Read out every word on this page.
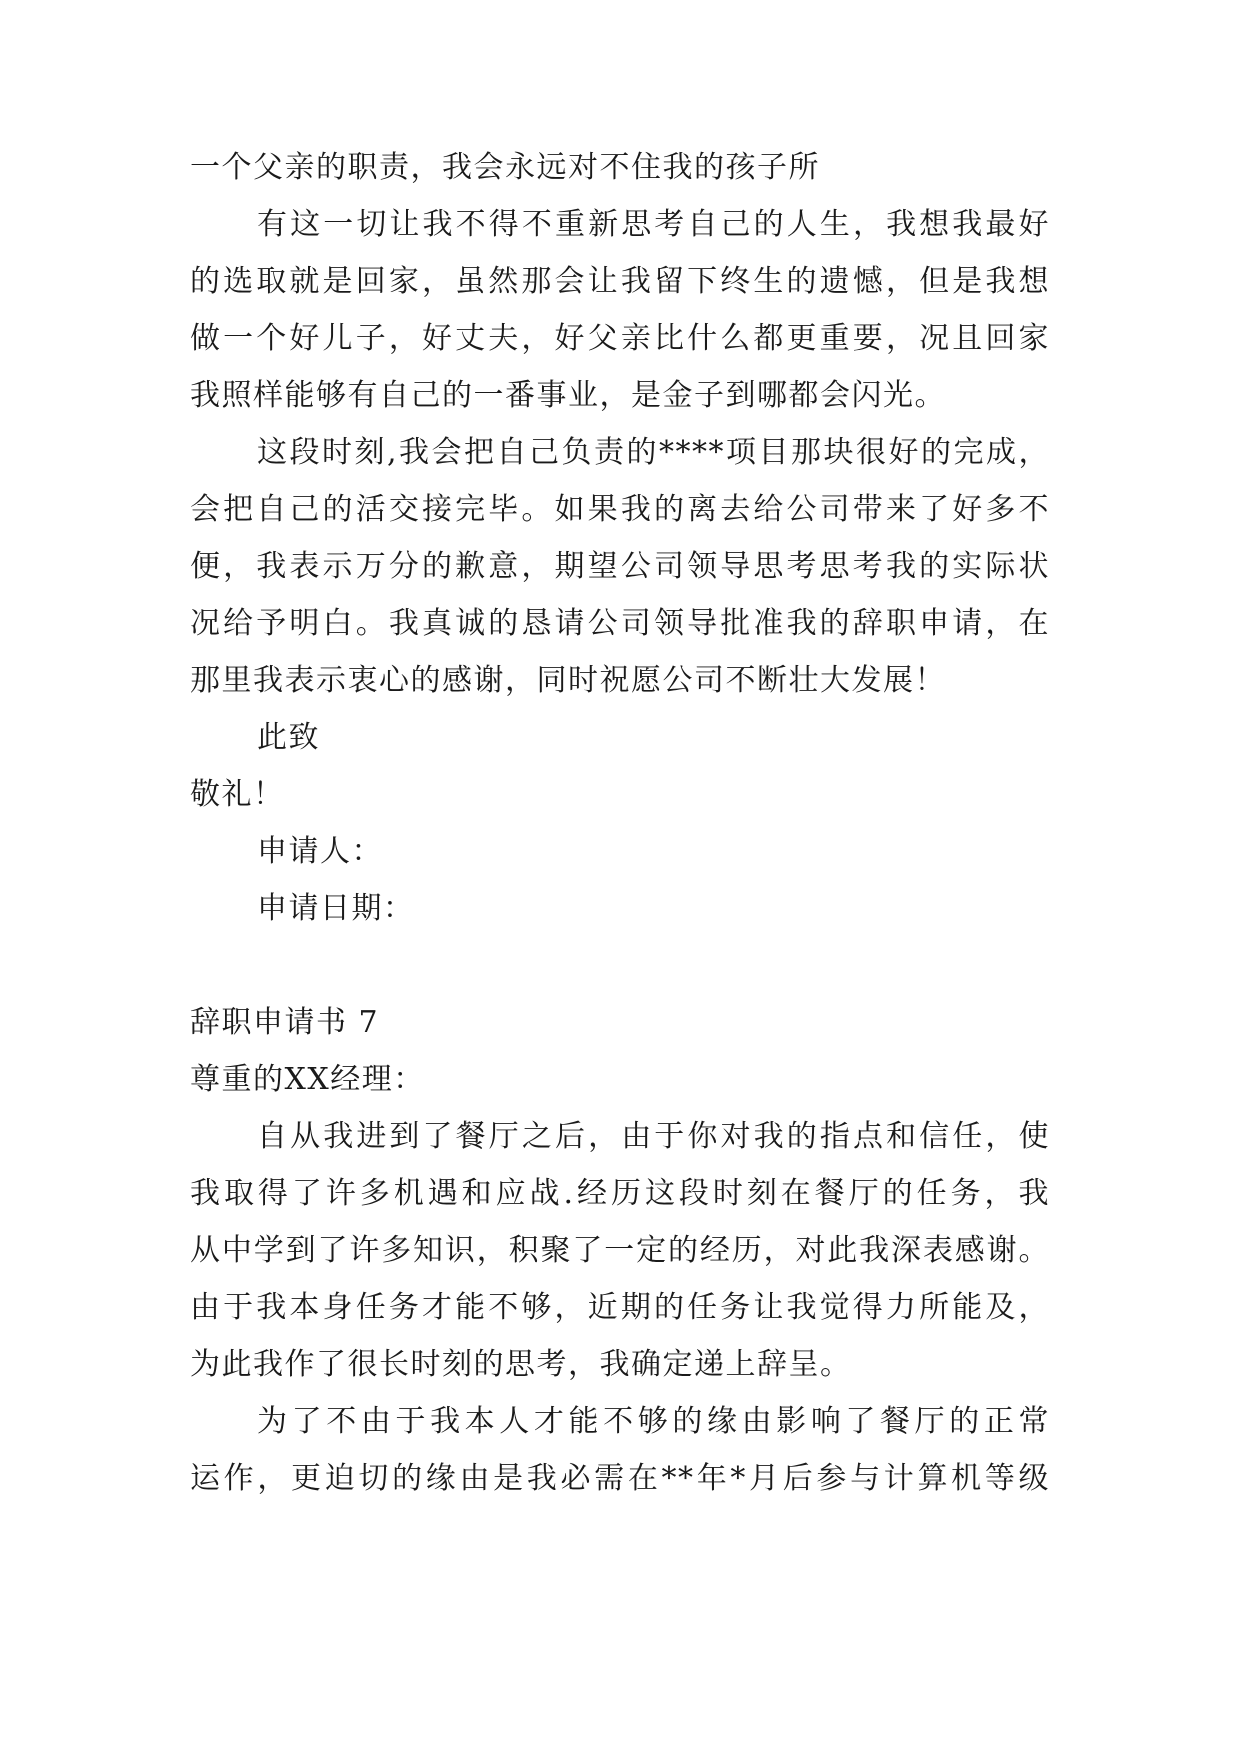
一个父亲的职责，我会永远对不住我的孩子所
有这一切让我不得不重新思考自己的人生，我想我最好
的选取就是回家，虽然那会让我留下终生的遗憾，但是我想
做一个好儿子，好丈夫，好父亲比什么都更重要，况且回家
我照样能够有自己的一番事业，是金子到哪都会闪光。
这段时刻,我会把自己负责的****项目那块很好的完成，
会把自己的活交接完毕。如果我的离去给公司带来了好多不
便，我表示万分的歉意，期望公司领导思考思考我的实际状
况给予明白。我真诚的恳请公司领导批准我的辞职申请，在
那里我表示衷心的感谢，同时祝愿公司不断壮大发展！
此致
敬礼！
申请人：
申请日期：
辞职申请书 7
尊重的XX经理：
自从我进到了餐厅之后，由于你对我的指点和信任，使
我取得了许多机遇和应战.经历这段时刻在餐厅的任务，我
从中学到了许多知识，积聚了一定的经历，对此我深表感谢。
由于我本身任务才能不够，近期的任务让我觉得力所能及，
为此我作了很长时刻的思考，我确定递上辞呈。
为了不由于我本人才能不够的缘由影响了餐厅的正常
运作，更迫切的缘由是我必需在**年*月后参与计算机等级
